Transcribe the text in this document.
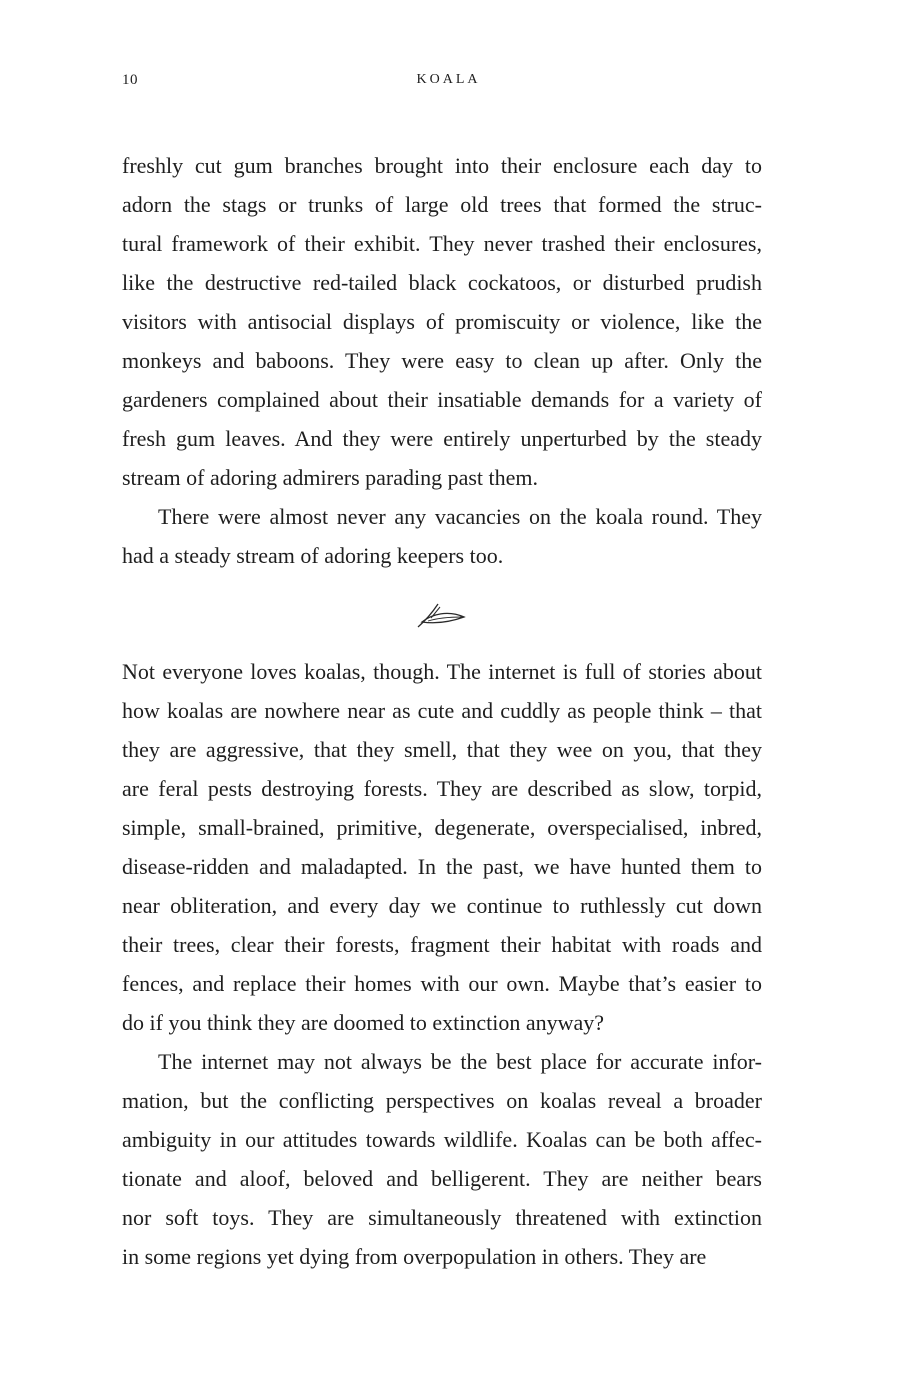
10	KOALA
freshly cut gum branches brought into their enclosure each day to
adorn the stags or trunks of large old trees that formed the struc-
tural framework of their exhibit. They never trashed their enclosures,
like the destructive red-tailed black cockatoos, or disturbed prudish
visitors with antisocial displays of promiscuity or violence, like the
monkeys and baboons. They were easy to clean up after. Only the
gardeners complained about their insatiable demands for a variety of
fresh gum leaves. And they were entirely unperturbed by the steady
stream of adoring admirers parading past them.
There were almost never any vacancies on the koala round. They
had a steady stream of adoring keepers too.
Not everyone loves koalas, though. The internet is full of stories about
how koalas are nowhere near as cute and cuddly as people think – that
they are aggressive, that they smell, that they wee on you, that they
are feral pests destroying forests. They are described as slow, torpid,
simple, small-brained, primitive, degenerate, overspecialised, inbred,
disease-ridden and maladapted. In the past, we have hunted them to
near obliteration, and every day we continue to ruthlessly cut down
their trees, clear their forests, fragment their habitat with roads and
fences, and replace their homes with our own. Maybe that’s easier to
do if you think they are doomed to extinction anyway?
The internet may not always be the best place for accurate infor-
mation, but the conflicting perspectives on koalas reveal a broader
ambiguity in our attitudes towards wildlife. Koalas can be both affec-
tionate and aloof, beloved and belligerent. They are neither bears
nor soft toys. They are simultaneously threatened with extinction
in some regions yet dying from overpopulation in others. They are
